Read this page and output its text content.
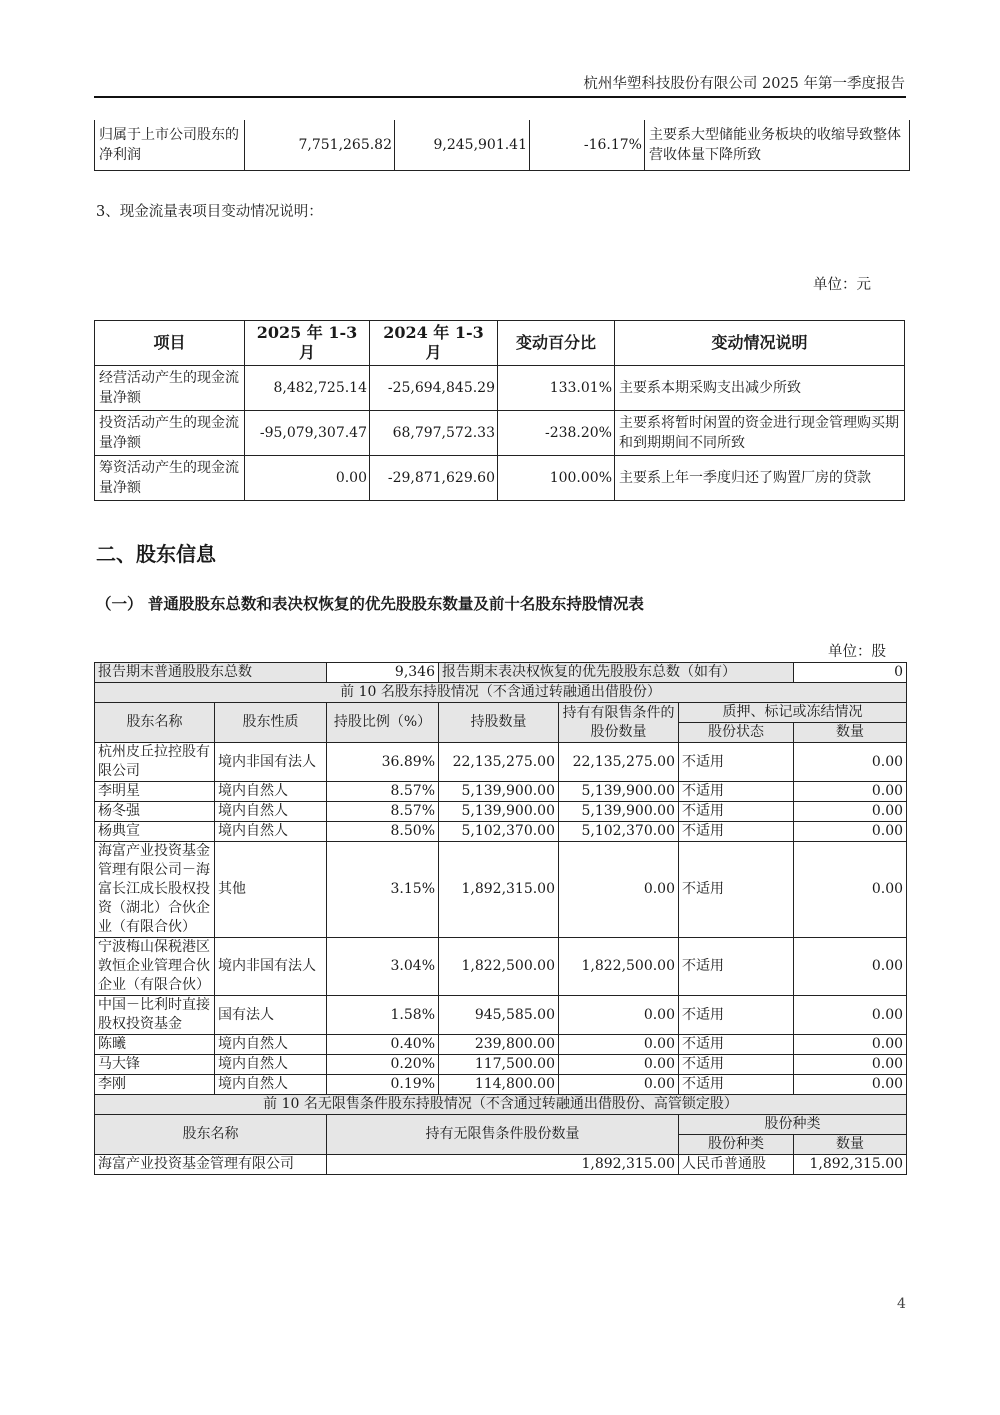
杭州华塑科技股份有限公司 2025 年第一季度报告
归属于上市公司股东的净利润	7,751,265.82	9,245,901.41	-16.17%	主要系大型储能业务板块的收缩导致整体营收体量下降所致
3、现金流量表项目变动情况说明：
单位：元
项目	2025 年 1-3 月	2024 年 1-3 月	变动百分比	变动情况说明
经营活动产生的现金流量净额	8,482,725.14	-25,694,845.29	133.01%	主要系本期采购支出减少所致
投资活动产生的现金流量净额	-95,079,307.47	68,797,572.33	-238.20%	主要系将暂时闲置的资金进行现金管理购买期和到期期间不同所致
筹资活动产生的现金流量净额	0.00	-29,871,629.60	100.00%	主要系上年一季度归还了购置厂房的贷款
二、股东信息
（一） 普通股股东总数和表决权恢复的优先股股东数量及前十名股东持股情况表
单位：股
报告期末普通股股东总数		9,346	报告期末表决权恢复的优先股股东总数（如有）			0
前 10 名股东持股情况（不含通过转融通出借股份）						
股东名称	股东性质	持股比例（%）	持股数量	持有有限售条件的股份数量	质押、标记或冻结情况	
					股份状态	数量
杭州皮丘拉控股有限公司	境内非国有法人	36.89%	22,135,275.00	22,135,275.00	不适用	0.00
李明星	境内自然人	8.57%	5,139,900.00	5,139,900.00	不适用	0.00
杨冬强	境内自然人	8.57%	5,139,900.00	5,139,900.00	不适用	0.00
杨典宣	境内自然人	8.50%	5,102,370.00	5,102,370.00	不适用	0.00
海富产业投资基金管理有限公司－海富长江成长股权投资（湖北）合伙企业（有限合伙）	其他	3.15%	1,892,315.00	0.00	不适用	0.00
宁波梅山保税港区敦恒企业管理合伙企业（有限合伙）	境内非国有法人	3.04%	1,822,500.00	1,822,500.00	不适用	0.00
中国－比利时直接股权投资基金	国有法人	1.58%	945,585.00	0.00	不适用	0.00
陈曦	境内自然人	0.40%	239,800.00	0.00	不适用	0.00
马大锋	境内自然人	0.20%	117,500.00	0.00	不适用	0.00
李刚	境内自然人	0.19%	114,800.00	0.00	不适用	0.00
前 10 名无限售条件股东持股情况（不含通过转融通出借股份、高管锁定股）						
股东名称		持有无限售条件股份数量			股份种类	
					股份种类	数量
海富产业投资基金管理有限公司		1,892,315.00			人民币普通股	1,892,315.00
4
